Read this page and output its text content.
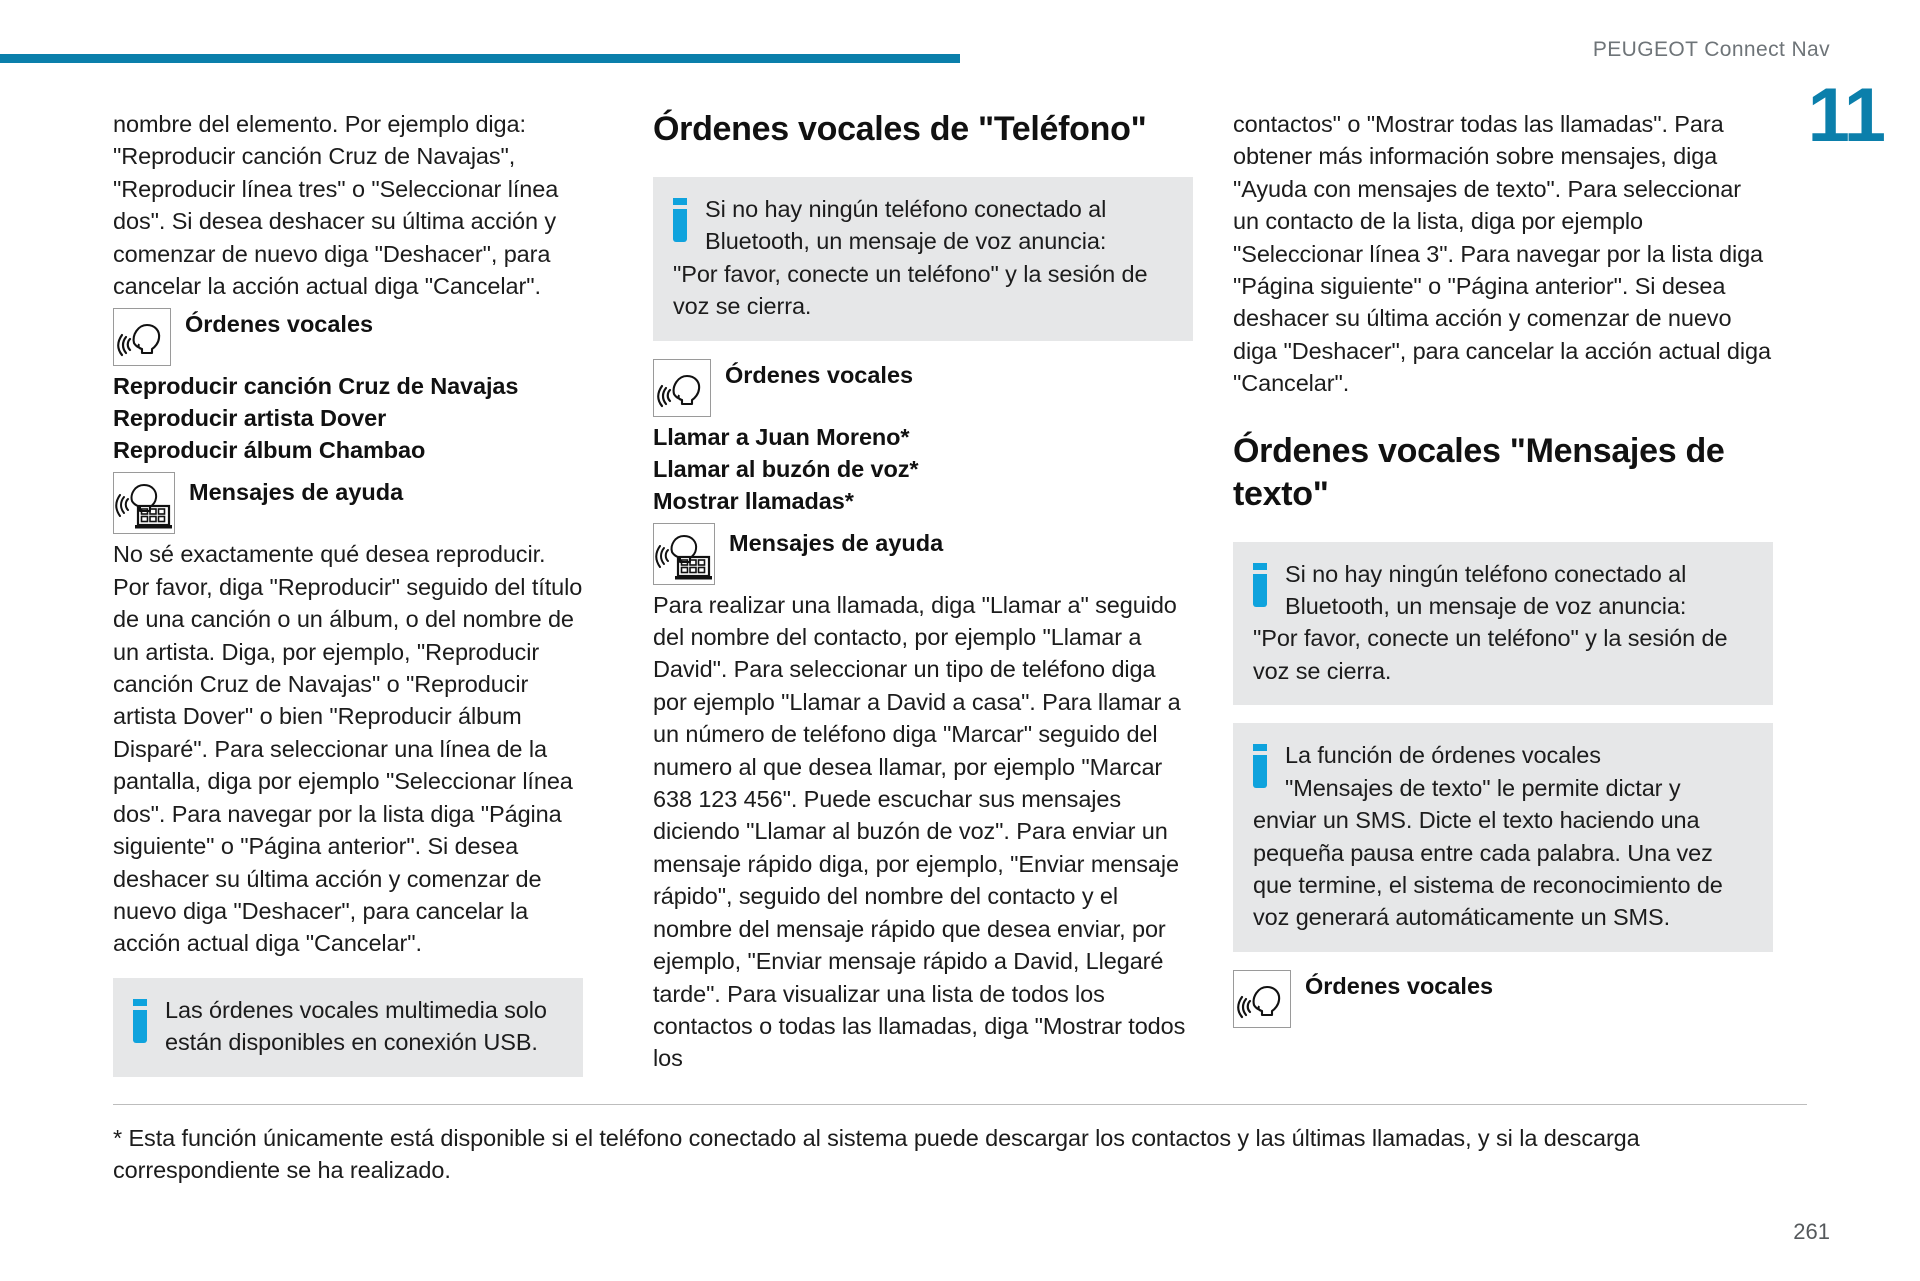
PEUGEOT Connect Nav
11

nombre del elemento. Por ejemplo diga: "Reproducir canción Cruz de Navajas", "Reproducir línea tres" o "Seleccionar línea dos". Si desea deshacer su última acción y comenzar de nuevo diga "Deshacer", para cancelar la acción actual diga "Cancelar".

Órdenes vocales
Reproducir canción Cruz de Navajas
Reproducir artista Dover
Reproducir álbum Chambao
Mensajes de ayuda

No sé exactamente qué desea reproducir. Por favor, diga "Reproducir" seguido del título de una canción o un álbum, o del nombre de un artista. Diga, por ejemplo, "Reproducir canción Cruz de Navajas" o "Reproducir artista Dover" o bien "Reproducir álbum Disparé". Para seleccionar una línea de la pantalla, diga por ejemplo "Seleccionar línea dos". Para navegar por la lista diga "Página siguiente" o "Página anterior". Si desea deshacer su última acción y comenzar de nuevo diga "Deshacer", para cancelar la acción actual diga "Cancelar".

Las órdenes vocales multimedia solo
están disponibles en conexión USB.
Órdenes vocales de "Teléfono"
Si no hay ningún teléfono conectado al
Bluetooth, un mensaje de voz anuncia:
"Por favor, conecte un teléfono" y la sesión de voz se cierra.
Órdenes vocales
Llamar a Juan Moreno*
Llamar al buzón de voz*
Mostrar llamadas*
Mensajes de ayuda

Para realizar una llamada, diga "Llamar a" seguido del nombre del contacto, por ejemplo "Llamar a David". Para seleccionar un tipo de teléfono diga por ejemplo "Llamar a David a casa". Para llamar a un número de teléfono diga "Marcar" seguido del numero al que desea llamar, por ejemplo "Marcar 638 123 456". Puede escuchar sus mensajes diciendo "Llamar al buzón de voz". Para enviar un mensaje rápido diga, por ejemplo, "Enviar mensaje rápido", seguido del nombre del contacto y el nombre del mensaje rápido que desea enviar, por ejemplo, "Enviar mensaje rápido a David, Llegaré tarde". Para visualizar una lista de todos los contactos o todas las llamadas, diga "Mostrar todos los

contactos" o "Mostrar todas las llamadas". Para obtener más información sobre mensajes, diga "Ayuda con mensajes de texto". Para seleccionar un contacto de la lista, diga por ejemplo "Seleccionar línea 3". Para navegar por la lista diga "Página siguiente" o "Página anterior". Si desea deshacer su última acción y comenzar de nuevo diga "Deshacer", para cancelar la acción actual diga "Cancelar".

Órdenes vocales "Mensajes de texto"
Si no hay ningún teléfono conectado al
Bluetooth, un mensaje de voz anuncia:
"Por favor, conecte un teléfono" y la sesión de voz se cierra.
La función de órdenes vocales
"Mensajes de texto" le permite dictar y
enviar un SMS. Dicte el texto haciendo una pequeña pausa entre cada palabra. Una vez que termine, el sistema de reconocimiento de voz generará automáticamente un SMS.
Órdenes vocales
* Esta función únicamente está disponible si el teléfono conectado al sistema puede descargar los contactos y las últimas llamadas, y si la descarga correspondiente se ha realizado.
261
